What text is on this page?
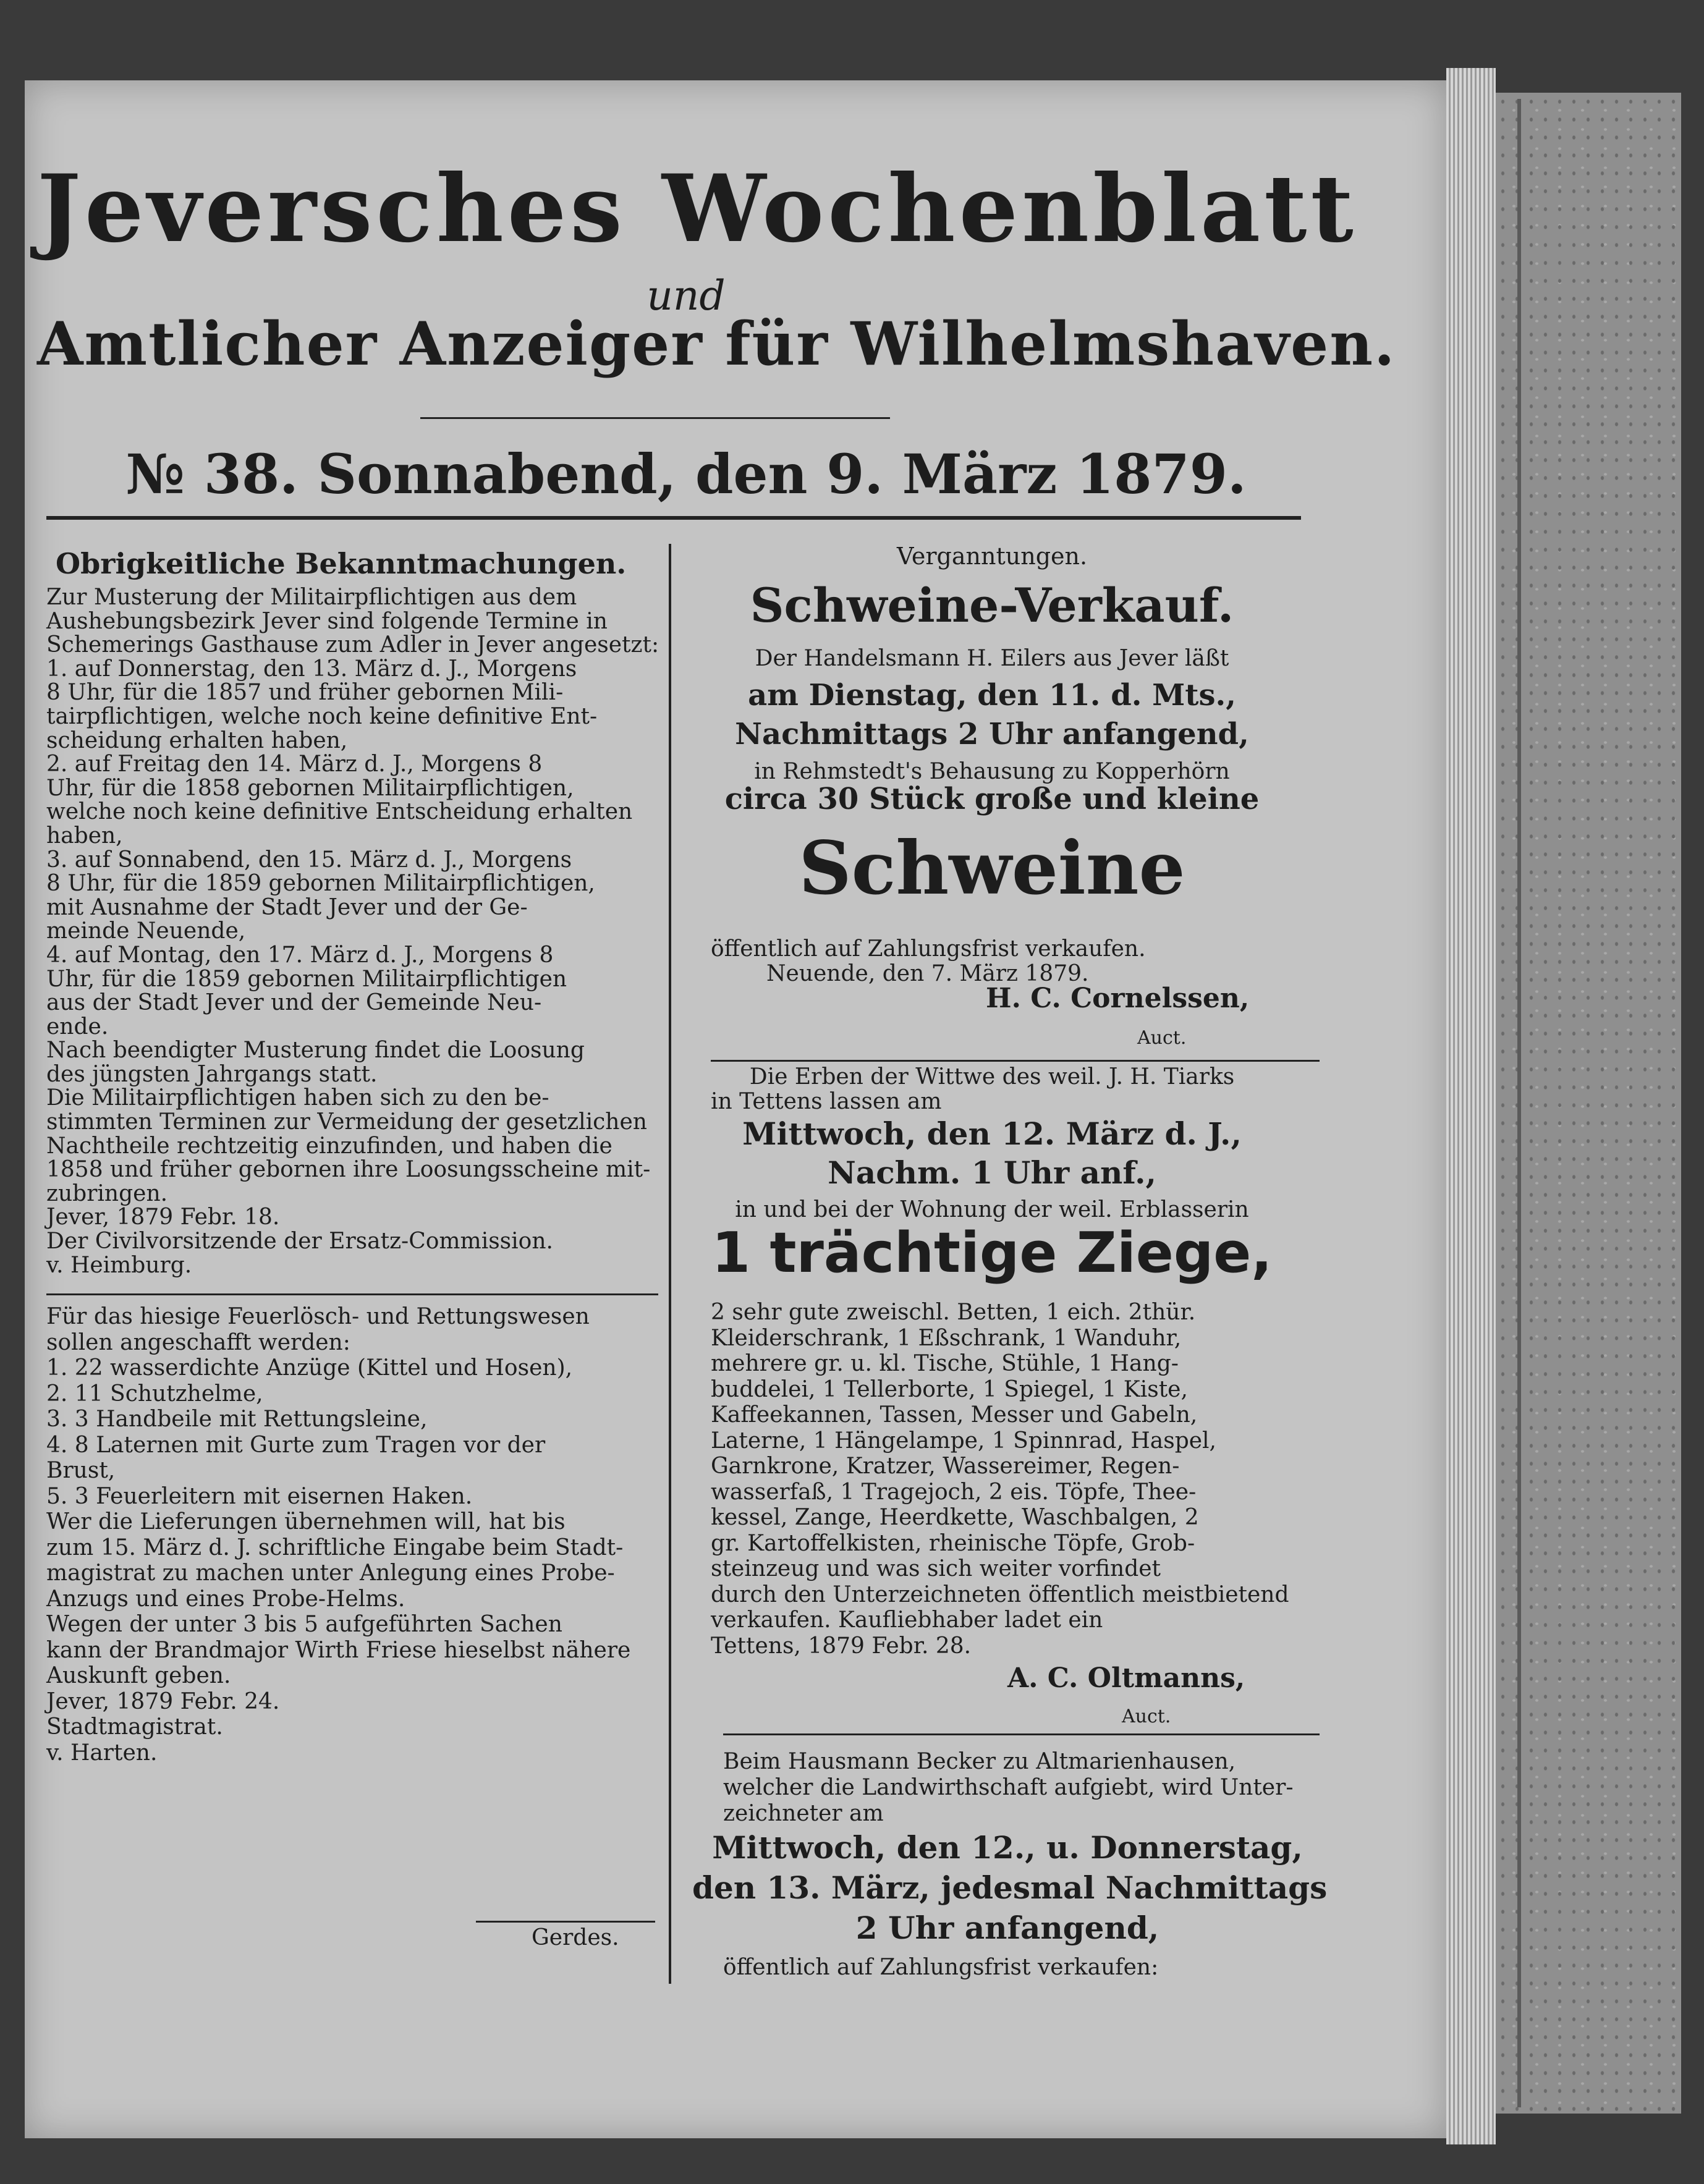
Jeversches Wochenblatt
und
Amtlicher Anzeiger für Wilhelmshaven.
№ 38. Sonnabend, den 9. März 1879.
Obrigkeitliche Bekanntmachungen.
Zur Musterung der Militairpflichtigen aus dem
Aushebungsbezirk Jever sind folgende Termine in
Schemerings Gasthause zum Adler in Jever angesetzt:
1. auf Donnerstag, den 13. März d. J., Morgens
8 Uhr, für die 1857 und früher gebornen Mili-
tairpflichtigen, welche noch keine definitive Ent-
scheidung erhalten haben,
2. auf Freitag den 14. März d. J., Morgens 8
Uhr, für die 1858 gebornen Militairpflichtigen,
welche noch keine definitive Entscheidung erhalten
haben,
3. auf Sonnabend, den 15. März d. J., Morgens
8 Uhr, für die 1859 gebornen Militairpflichtigen,
mit Ausnahme der Stadt Jever und der Ge-
meinde Neuende,
4. auf Montag, den 17. März d. J., Morgens 8
Uhr, für die 1859 gebornen Militairpflichtigen
aus der Stadt Jever und der Gemeinde Neu-
ende.
Nach beendigter Musterung findet die Loosung
des jüngsten Jahrgangs statt.
Die Militairpflichtigen haben sich zu den be-
stimmten Terminen zur Vermeidung der gesetzlichen
Nachtheile rechtzeitig einzufinden, und haben die
1858 und früher gebornen ihre Loosungsscheine mit-
zubringen.
Jever, 1879 Febr. 18.
Der Civilvorsitzende der Ersatz-Commission.
v. Heimburg.
Für das hiesige Feuerlösch- und Rettungswesen
sollen angeschafft werden:
1. 22 wasserdichte Anzüge (Kittel und Hosen),
2. 11 Schutzhelme,
3. 3 Handbeile mit Rettungsleine,
4. 8 Laternen mit Gurte zum Tragen vor der
Brust,
5. 3 Feuerleitern mit eisernen Haken.
Wer die Lieferungen übernehmen will, hat bis
zum 15. März d. J. schriftliche Eingabe beim Stadt-
magistrat zu machen unter Anlegung eines Probe-
Anzugs und eines Probe-Helms.
Wegen der unter 3 bis 5 aufgeführten Sachen
kann der Brandmajor Wirth Friese hieselbst nähere
Auskunft geben.
Jever, 1879 Febr. 24.
Stadtmagistrat.
v. Harten.
Gerdes.
Verganntungen.
Schweine-Verkauf.
Der Handelsmann H. Eilers aus Jever läßt
am Dienstag, den 11. d. Mts.,
Nachmittags 2 Uhr anfangend,
in Rehmstedt's Behausung zu Kopperhörn
circa 30 Stück große und kleine
Schweine
öffentlich auf Zahlungsfrist verkaufen.
Neuende, den 7. März 1879.
H. C. Cornelssen,
Auct.
Die Erben der Wittwe des weil. J. H. Tiarks
in Tettens lassen am
Mittwoch, den 12. März d. J.,
Nachm. 1 Uhr anf.,
in und bei der Wohnung der weil. Erblasserin
1 trächtige Ziege,
2 sehr gute zweischl. Betten, 1 eich. 2thür.
Kleiderschrank, 1 Eßschrank, 1 Wanduhr,
mehrere gr. u. kl. Tische, Stühle, 1 Hang-
buddelei, 1 Tellerborte, 1 Spiegel, 1 Kiste,
Kaffeekannen, Tassen, Messer und Gabeln,
Laterne, 1 Hängelampe, 1 Spinnrad, Haspel,
Garnkrone, Kratzer, Wassereimer, Regen-
wasserfaß, 1 Tragejoch, 2 eis. Töpfe, Thee-
kessel, Zange, Heerdkette, Waschbalgen, 2
gr. Kartoffelkisten, rheinische Töpfe, Grob-
steinzeug und was sich weiter vorfindet
durch den Unterzeichneten öffentlich meistbietend
verkaufen. Kaufliebhaber ladet ein
Tettens, 1879 Febr. 28.
A. C. Oltmanns,
Auct.
Beim Hausmann Becker zu Altmarienhausen,
welcher die Landwirthschaft aufgiebt, wird Unter-
zeichneter am
Mittwoch, den 12., u. Donnerstag,
den 13. März, jedesmal Nachmittags
2 Uhr anfangend,
öffentlich auf Zahlungsfrist verkaufen:
